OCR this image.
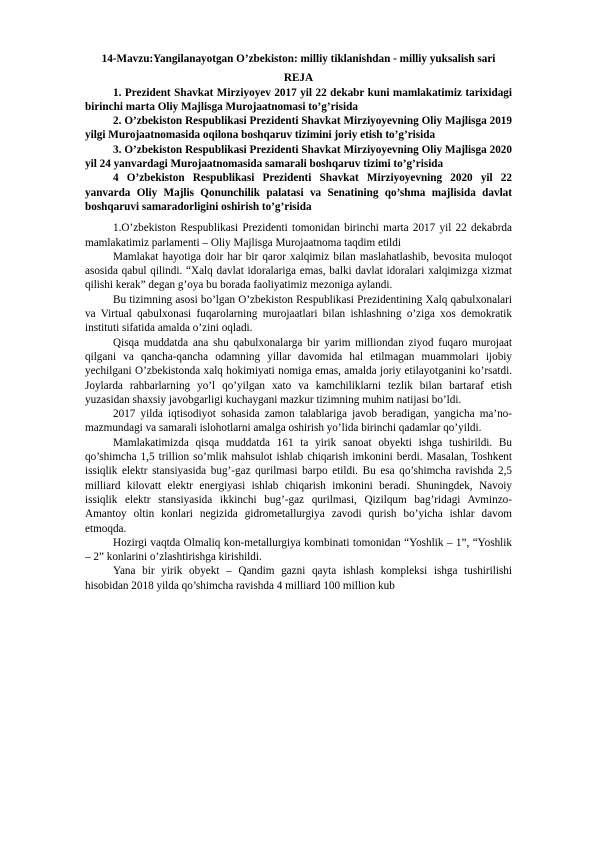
14-Mavzu:Yangilanayotgan O’zbekiston: milliy tiklanishdan - milliy yuksalish sari

REJA

1. Prezident Shavkat Mirziyoyev 2017 yil 22 dekabr kuni mamlakatimiz tarixidagi birinchi marta Oliy Majlisga Murojaatnomasi to’g’risida

2. O’zbekiston Respublikasi Prezidenti Shavkat Mirziyoyevning Oliy Majlisga 2019 yilgi Murojaatnomasida oqilona boshqaruv tizimini joriy etish to’g’risida

3. O’zbekiston Respublikasi Prezidenti Shavkat Mirziyoyevning Oliy Majlisga 2020 yil 24 yanvardagi Murojaatnomasida samarali boshqaruv tizimi to’g’risida

4 O’zbekiston Respublikasi Prezidenti Shavkat Mirziyoyevning 2020 yil 22 yanvarda Oliy Majlis Qonunchilik palatasi va Senatining qo’shma majlisida davlat boshqaruvi samaradorligini oshirish to’g’risida

1.O’zbekiston Respublikasi Prezidenti tomonidan birinchi marta 2017 yil 22 dekabrda mamlakatimiz parlamenti – Oliy Majlisga Murojaatnoma taqdim etildi

Mamlakat hayotiga doir har bir qaror xalqimiz bilan maslahatlashib, bevosita muloqot asosida qabul qilindi. “Xalq davlat idoralariga emas, balki davlat idoralari xalqimizga xizmat qilishi kerak” degan g’oya bu borada faoliyatimiz mezoniga aylandi.

Bu tizimning asosi bo’lgan O’zbekiston Respublikasi Prezidentining Xalq qabulxonalari va Virtual qabulxonasi fuqarolarning murojaatlari bilan ishlashning o’ziga xos demokratik instituti sifatida amalda o’zini oqladi.

Qisqa muddatda ana shu qabulxonalarga bir yarim milliondan ziyod fuqaro murojaat qilgani va qancha-qancha odamning yillar davomida hal etilmagan muammolari ijobiy yechilgani O’zbekistonda xalq hokimiyati nomiga emas, amalda joriy etilayotganini ko’rsatdi. Joylarda rahbarlarning yo’l qo’yilgan xato va kamchiliklarni tezlik bilan bartaraf etish yuzasidan shaxsiy javobgarligi kuchaygani mazkur tizimning muhim natijasi bo’ldi.

2017 yilda iqtisodiyot sohasida zamon talablariga javob beradigan, yangicha ma’no-mazmundagi va samarali islohotlarni amalga oshirish yo’lida birinchi qadamlar qo’yildi.

Mamlakatimizda qisqa muddatda 161 ta yirik sanoat obyekti ishga tushirildi. Bu qo’shimcha 1,5 trillion so’mlik mahsulot ishlab chiqarish imkonini berdi. Masalan, Toshkent issiqlik elektr stansiyasida bug’-gaz qurilmasi barpo etildi. Bu esa qo’shimcha ravishda 2,5 milliard kilovatt elektr energiyasi ishlab chiqarish imkonini beradi. Shuningdek, Navoiy issiqlik elektr stansiyasida ikkinchi bug’-gaz qurilmasi, Qizilqum bag’ridagi Avminzo-Amantoy oltin konlari negizida gidrometallurgiya zavodi qurish bo’yicha ishlar davom etmoqda.

Hozirgi vaqtda Olmaliq kon-metallurgiya kombinati tomonidan “Yoshlik – 1”, “Yoshlik – 2” konlarini o’zlashtirishga kirishildi.

Yana bir yirik obyekt – Qandim gazni qayta ishlash kompleksi ishga tushirilishi hisobidan 2018 yilda qo’shimcha ravishda 4 milliard 100 million kub
